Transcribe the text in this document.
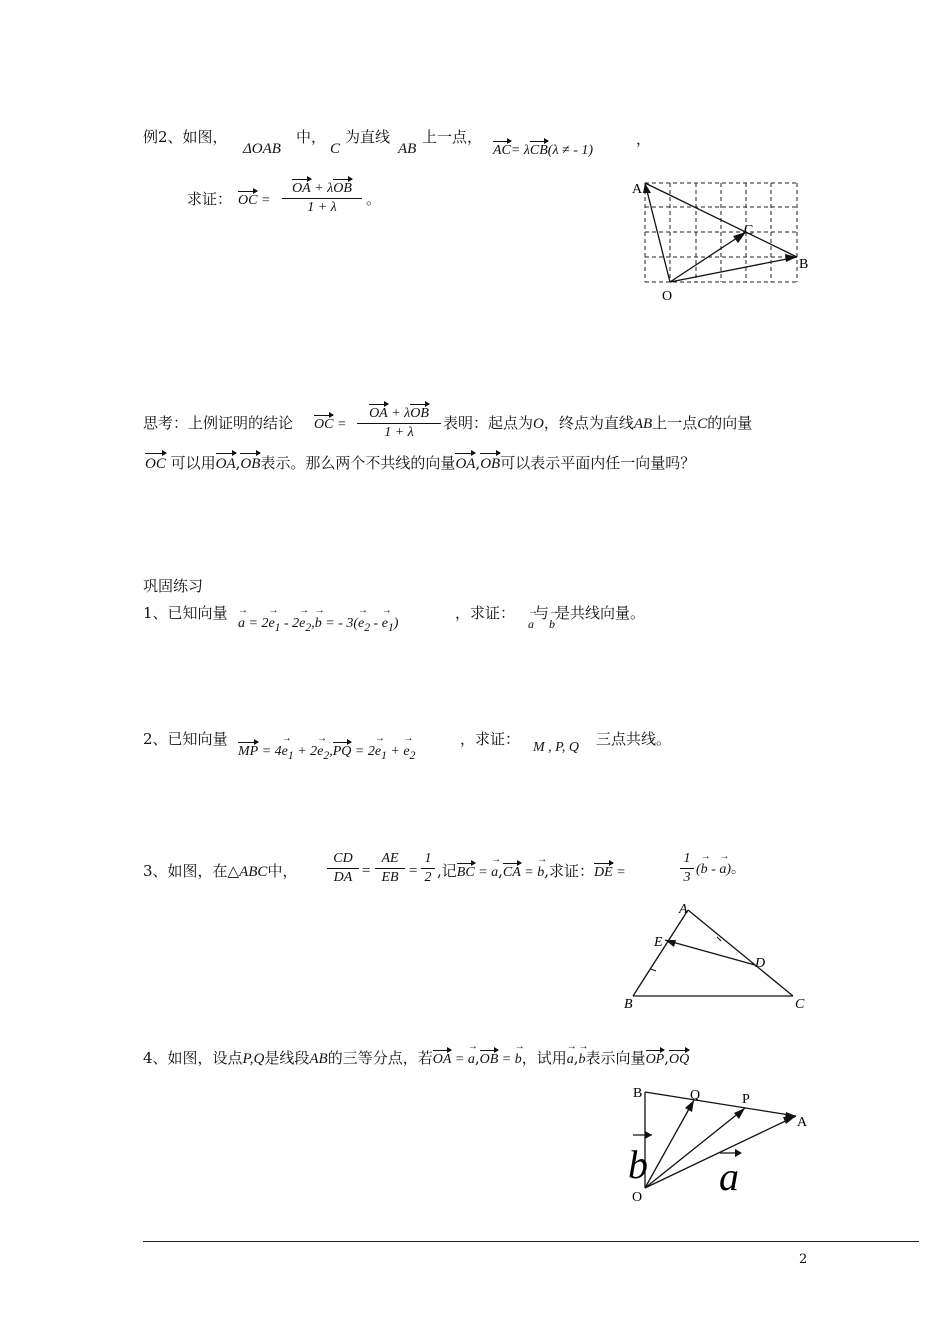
例2、如图，
ΔOAB
中，
C
为直线
AB
上一点，
AC= λCB(λ ≠ - 1)
，
求证： OC =
OA + λOB
1 + λ	。
A
C
B
O
思考：上例证明的结论 OC =
OA + λOB
1 + λ
表明：起点为O，终点为直线AB上一点C的向量
OC 可以用OA,OB表示。那么两个不共线的向量OA,OB可以表示平面内任一向量吗？
巩固练习
1、已知向量
a → = $2e \to_1 - 2e \to_2,b$ → = - $3(e \to_2 - e \to_1)$
，求证：
a →与b →是共线向量。
2、已知向量
MP = $4e \to_1 + 2e \to_2,PQ = 2e \to_1 + e \to_2$
，求证： M , P, Q 三点共线。
3、如图，在△ABC中，
CD
DA =
AE
EB =
1
2 ,记BC = a →,CA = b →,求证：DE =
1
3
(b → - a →)。
A
E
D
B	C
4、如图，设点P,Q是线段AB的三等分点，若OA = a →,OB = b →，试用a →,b →表示向量OP,OQ
B	Q	P
A
O
b a
2
